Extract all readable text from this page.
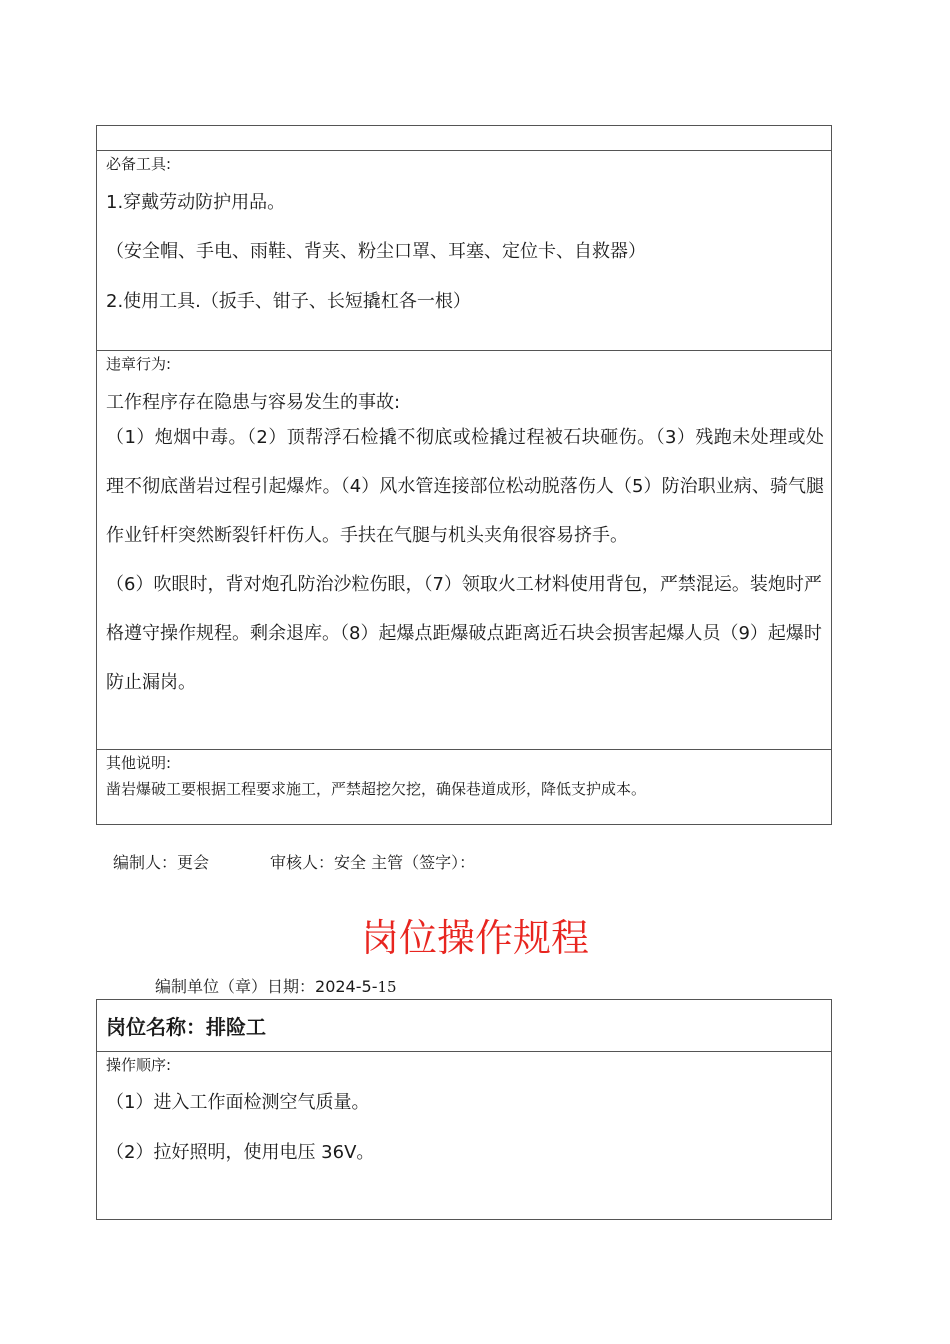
必备工具:
1.穿戴劳动防护用品。
（安全帽、手电、雨鞋、背夹、粉尘口罩、耳塞、定位卡、自救器）
2.使用工具.（扳手、钳子、长短撬杠各一根）
违章行为:
工作程序存在隐患与容易发生的事故:

（1）炮烟中毒。（2）顶帮浮石检撬不彻底或检撬过程被石块砸伤。（3）残跑未处理或处理不彻底凿岩过程引起爆炸。（4）风水管连接部位松动脱落伤人（5）防治职业病、骑气腿作业钎杆突然断裂钎杆伤人。手扶在气腿与机头夹角很容易挤手。

（6）吹眼时，背对炮孔防治沙粒伤眼，（7）领取火工材料使用背包，严禁混运。装炮时严格遵守操作规程。剩余退库。（8）起爆点距爆破点距离近石块会损害起爆人员（9）起爆时防止漏岗。

其他说明:
凿岩爆破工要根据工程要求施工，严禁超挖欠挖，确保巷道成形，降低支护成本。
编制人：更会	审核人：安全 主管（签字）：
岗位操作规程
编制单位（章）日期：2024-5-15
岗位名称：排险工
操作顺序:
（1）进入工作面检测空气质量。
（2）拉好照明，使用电压 36V。
